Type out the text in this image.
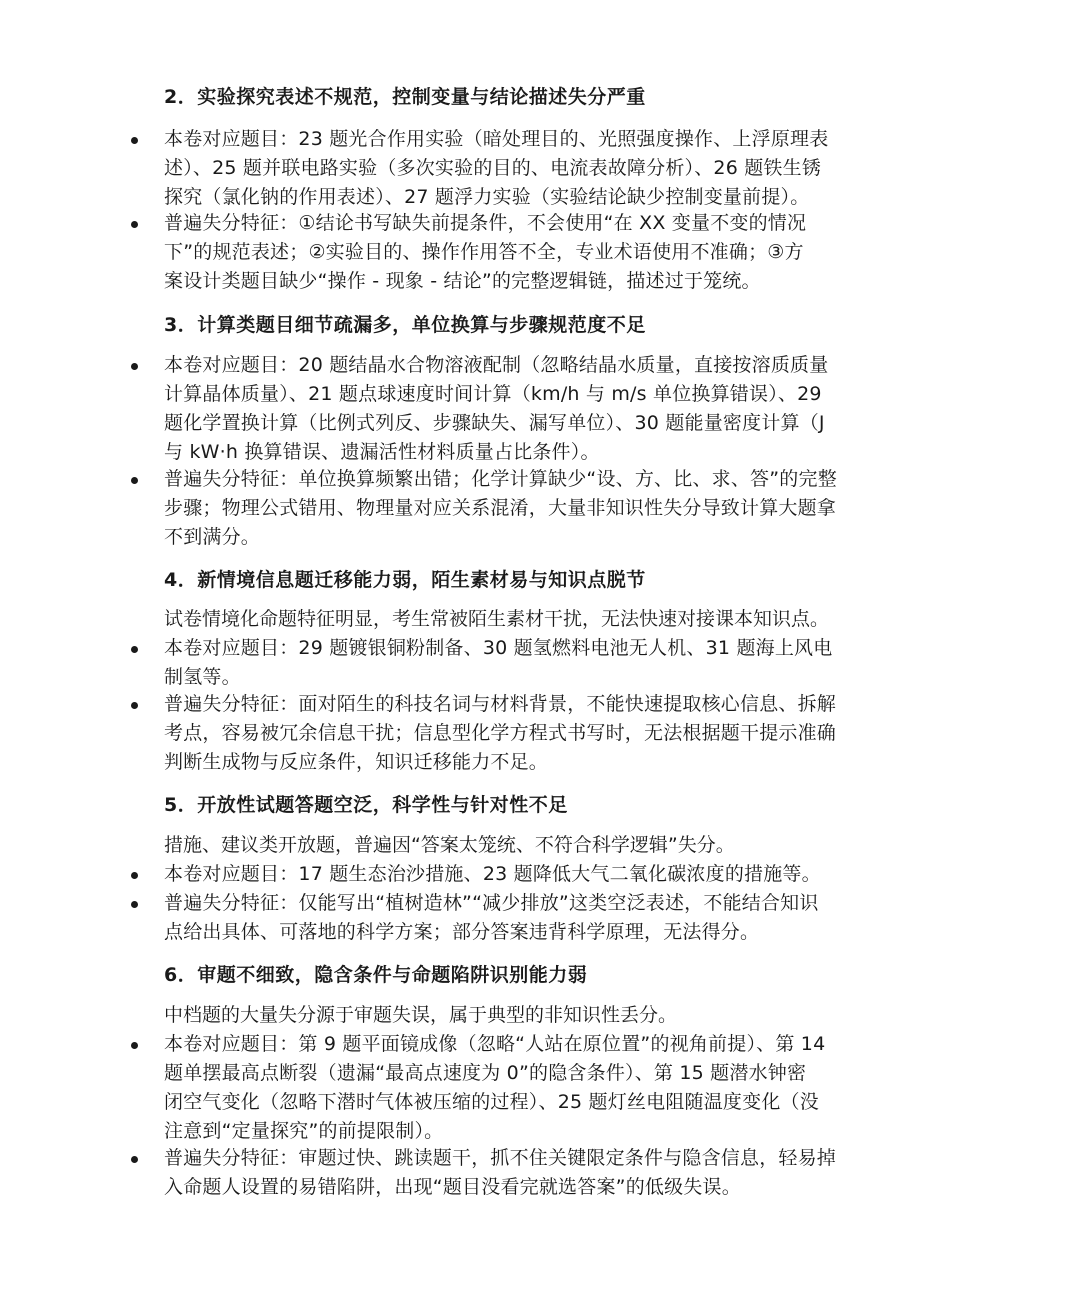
2．实验探究表述不规范，控制变量与结论描述失分严重
本卷对应题目：23 题光合作用实验（暗处理目的、光照强度操作、上浮原理表
述）、25 题并联电路实验（多次实验的目的、电流表故障分析）、26 题铁生锈
探究（氯化钠的作用表述）、27 题浮力实验（实验结论缺少控制变量前提）。
普遍失分特征：①结论书写缺失前提条件，不会使用“在 XX 变量不变的情况
下”的规范表述；②实验目的、操作作用答不全，专业术语使用不准确；③方
案设计类题目缺少“操作 - 现象 - 结论”的完整逻辑链，描述过于笼统。
3．计算类题目细节疏漏多，单位换算与步骤规范度不足
本卷对应题目：20 题结晶水合物溶液配制（忽略结晶水质量，直接按溶质质量
计算晶体质量）、21 题点球速度时间计算（km/h 与 m/s 单位换算错误）、29
题化学置换计算（比例式列反、步骤缺失、漏写单位）、30 题能量密度计算（J
与 kW·h 换算错误、遗漏活性材料质量占比条件）。
普遍失分特征：单位换算频繁出错；化学计算缺少“设、方、比、求、答”的完整
步骤；物理公式错用、物理量对应关系混淆，大量非知识性失分导致计算大题拿
不到满分。
4．新情境信息题迁移能力弱，陌生素材易与知识点脱节
试卷情境化命题特征明显，考生常被陌生素材干扰，无法快速对接课本知识点。
本卷对应题目：29 题镀银铜粉制备、30 题氢燃料电池无人机、31 题海上风电
制氢等。
普遍失分特征：面对陌生的科技名词与材料背景，不能快速提取核心信息、拆解
考点，容易被冗余信息干扰；信息型化学方程式书写时，无法根据题干提示准确
判断生成物与反应条件，知识迁移能力不足。
5．开放性试题答题空泛，科学性与针对性不足
措施、建议类开放题，普遍因“答案太笼统、不符合科学逻辑”失分。
本卷对应题目：17 题生态治沙措施、23 题降低大气二氧化碳浓度的措施等。
普遍失分特征：仅能写出“植树造林”“减少排放”这类空泛表述，不能结合知识
点给出具体、可落地的科学方案；部分答案违背科学原理，无法得分。
6．审题不细致，隐含条件与命题陷阱识别能力弱
中档题的大量失分源于审题失误，属于典型的非知识性丢分。
本卷对应题目：第 9 题平面镜成像（忽略“人站在原位置”的视角前提）、第 14
题单摆最高点断裂（遗漏“最高点速度为 0”的隐含条件）、第 15 题潜水钟密
闭空气变化（忽略下潜时气体被压缩的过程）、25 题灯丝电阻随温度变化（没
注意到“定量探究”的前提限制）。
普遍失分特征：审题过快、跳读题干，抓不住关键限定条件与隐含信息，轻易掉
入命题人设置的易错陷阱，出现“题目没看完就选答案”的低级失误。
